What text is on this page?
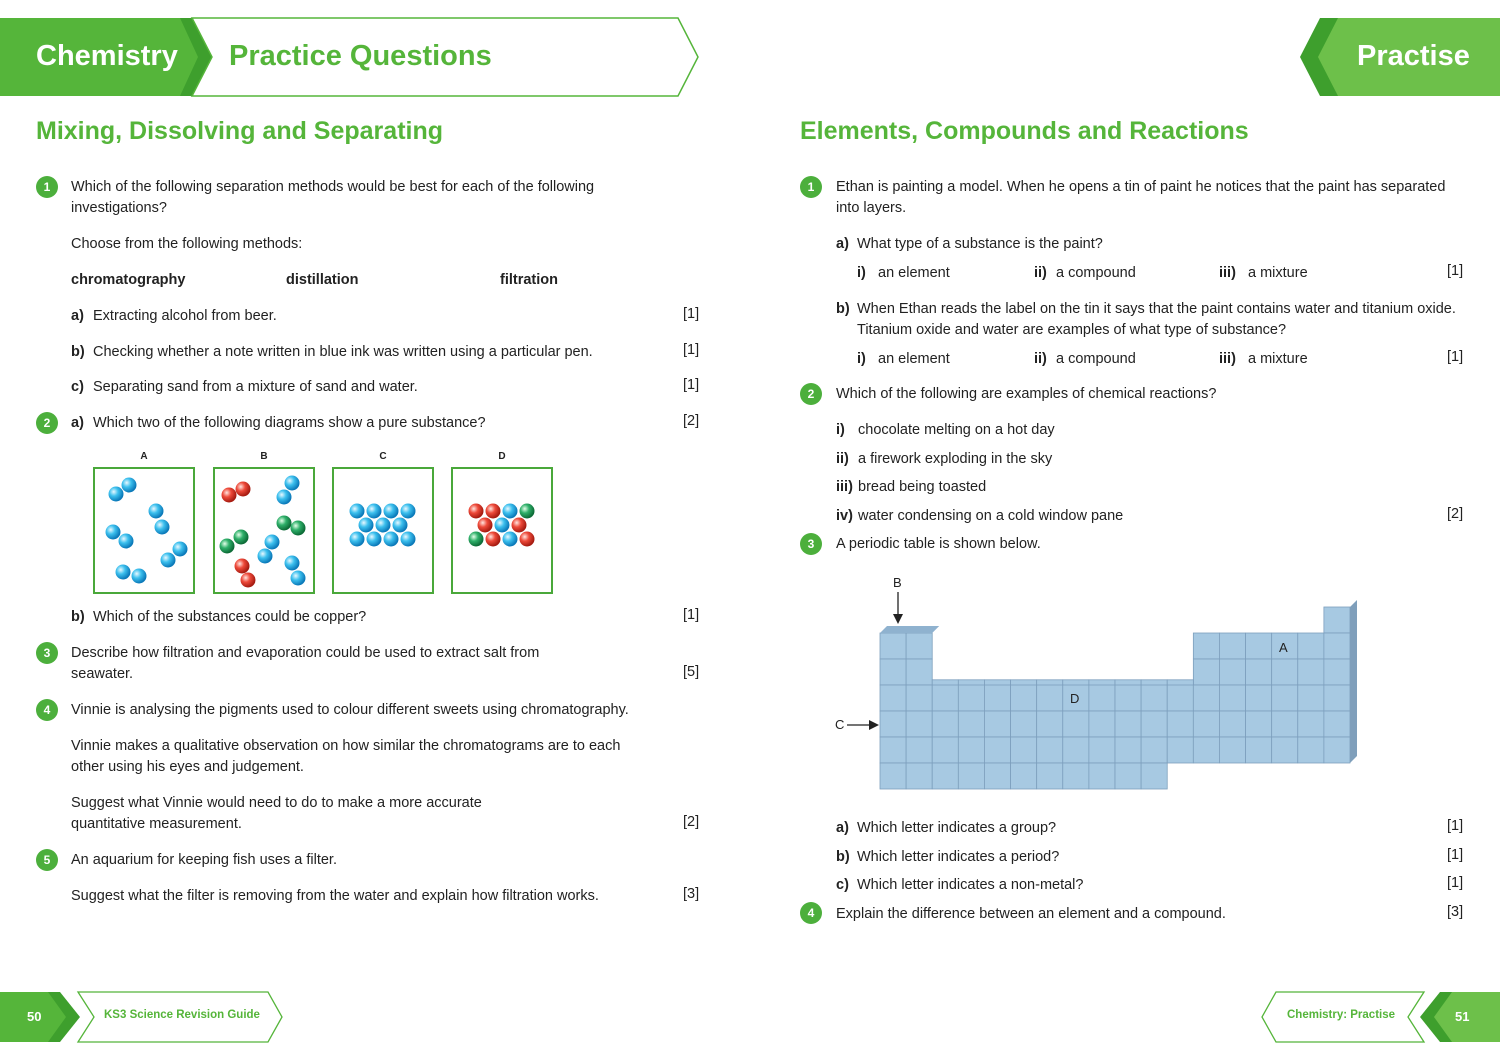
Chemistry Practice Questions	Practise
Mixing, Dissolving and Separating
1	Which of the following separation methods would be best for each of the following investigations?
Choose from the following methods:
chromatography	distillation	filtration
a) Extracting alcohol from beer.	[1]
b) Checking whether a note written in blue ink was written using a particular pen.	[1]
c) Separating sand from a mixture of sand and water.	[1]
2	a) Which two of the following diagrams show a pure substance?	[2]
A	B	C	D
b) Which of the substances could be copper?	[1]
3	Describe how filtration and evaporation could be used to extract salt from seawater.	[5]
4	Vinnie is analysing the pigments used to colour different sweets using chromatography.
Vinnie makes a qualitative observation on how similar the chromatograms are to each other using his eyes and judgement.
Suggest what Vinnie would need to do to make a more accurate quantitative measurement.	[2]
5	An aquarium for keeping fish uses a filter.
Suggest what the filter is removing from the water and explain how filtration works.	[3]
Elements, Compounds and Reactions
1	Ethan is painting a model. When he opens a tin of paint he notices that the paint has separated into layers.
a) What type of a substance is the paint?
i) an element	ii) a compound	iii) a mixture	[1]
b) When Ethan reads the label on the tin it says that the paint contains water and titanium oxide. Titanium oxide and water are examples of what type of substance?
i) an element	ii) a compound	iii) a mixture	[1]
2	Which of the following are examples of chemical reactions?
i) chocolate melting on a hot day
ii) a firework exploding in the sky
iii) bread being toasted
iv) water condensing on a cold window pane	[2]
3	A periodic table is shown below.
B
C
A
D
a) Which letter indicates a group?	[1]
b) Which letter indicates a period?	[1]
c) Which letter indicates a non-metal?	[1]
4	Explain the difference between an element and a compound.	[3]
50	KS3 Science Revision Guide	Chemistry: Practise	51
